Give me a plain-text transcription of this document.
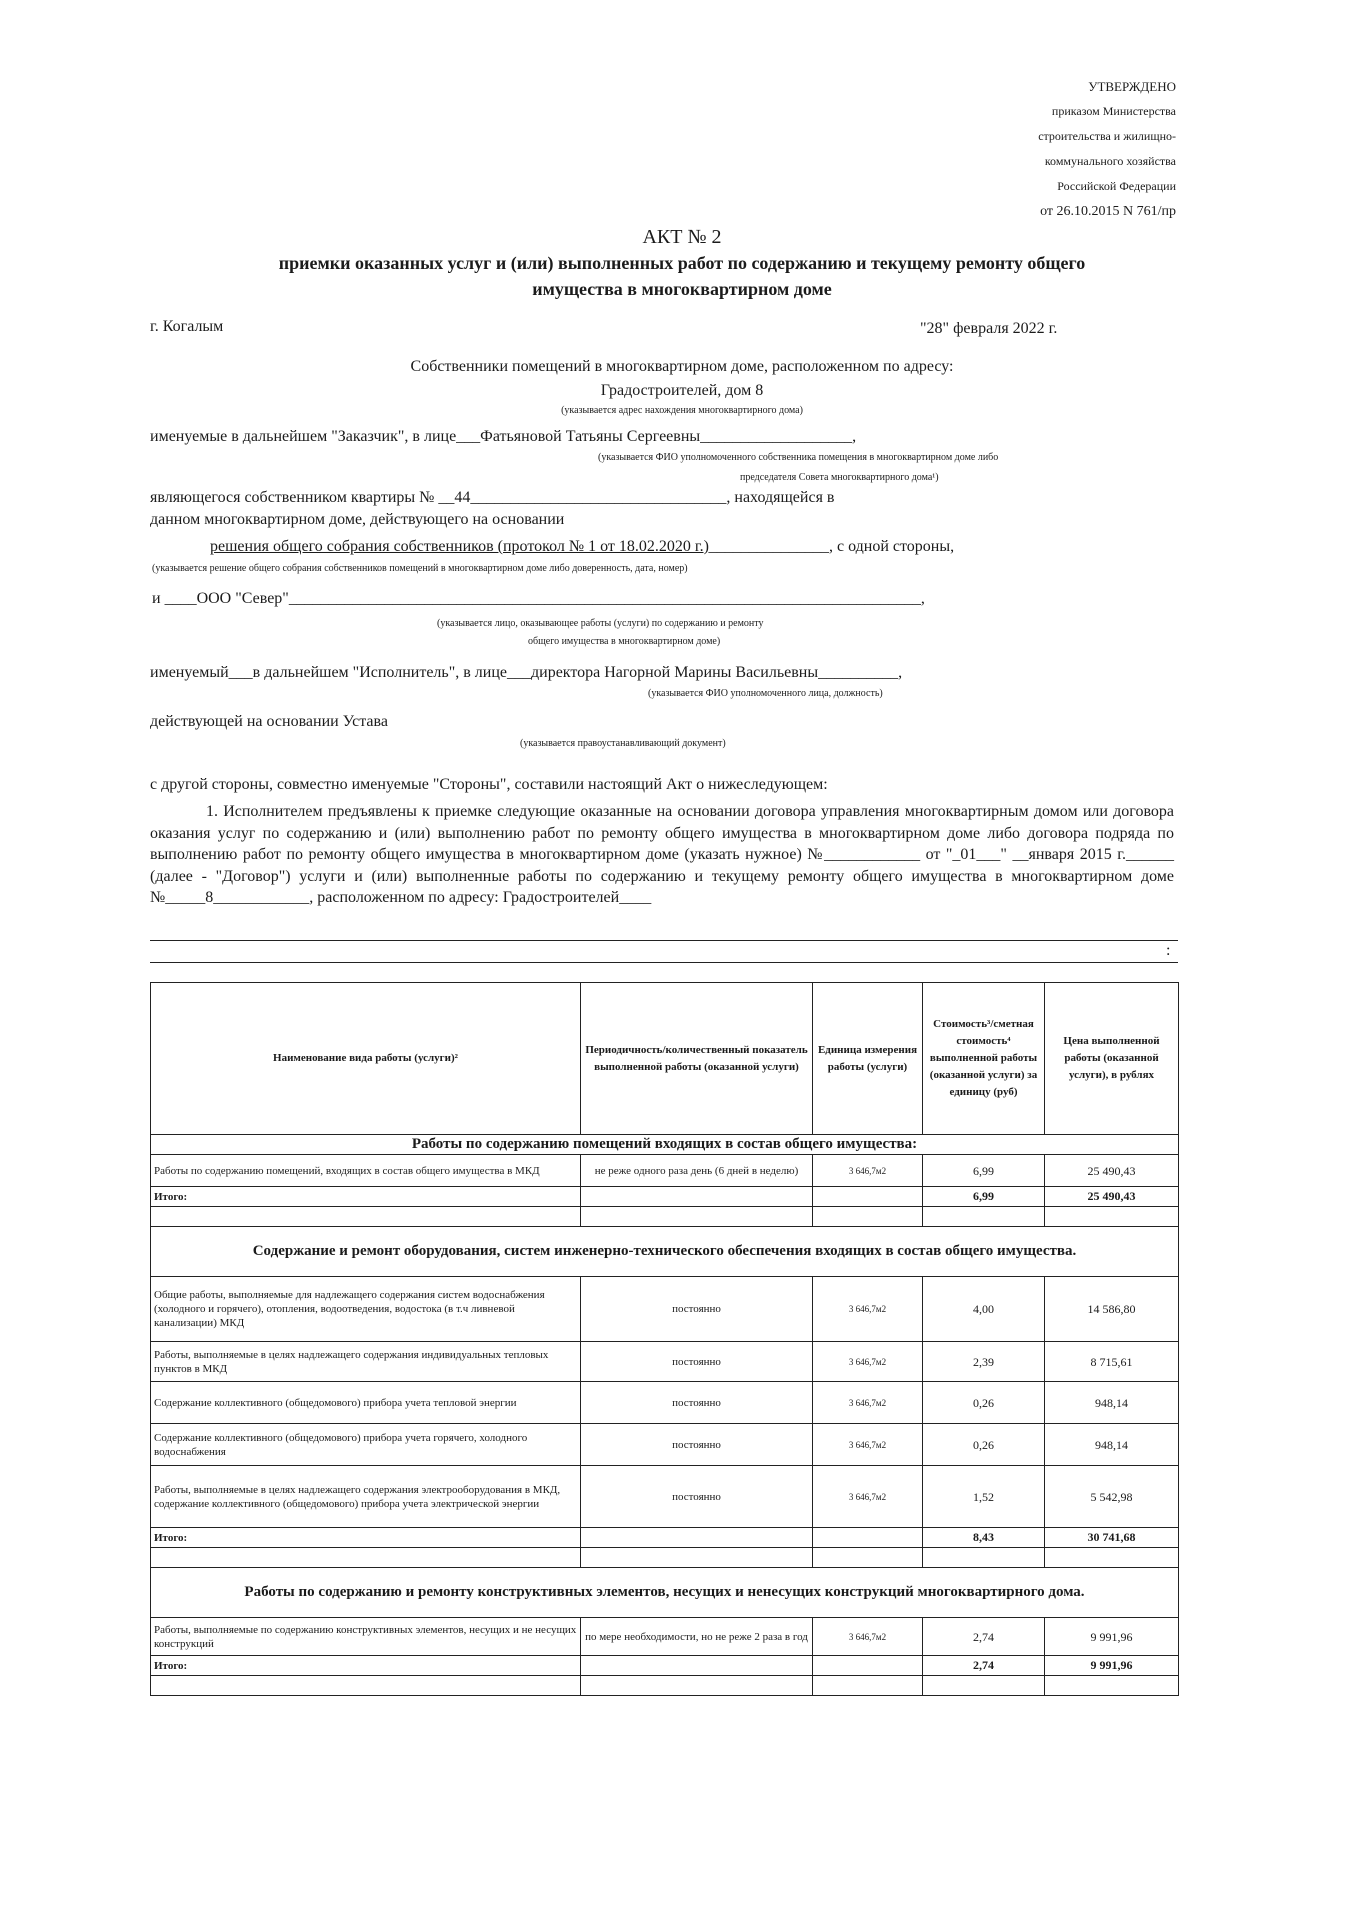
УТВЕРЖДЕНО
приказом Министерства
строительства и жилищно-
коммунального хозяйства
Российской Федерации
от 26.10.2015 N 761/пр
АКТ № 2
приемки оказанных услуг и (или) выполненных работ по содержанию и текущему ремонту общего
имущества в многоквартирном доме
г. Когалым	"28" февраля 2022 г.
Собственники помещений в многоквартирном доме, расположенном по адресу:
Градостроителей, дом 8
(указывается адрес нахождения многоквартирного дома)
именуемые в дальнейшем "Заказчик", в лице___Фатьяновой Татьяны Сергеевны___________________,
(указывается ФИО уполномоченного собственника помещения в многоквартирном доме либо
председателя Совета многоквартирного дома¹)
являющегося собственником квартиры № __44________________________________, находящейся в
данном многоквартирном доме, действующего на основании
решения общего собрания собственников (протокол № 1 от 18.02.2020 г.)_______________, с одной стороны,
(указывается решение общего собрания собственников помещений в многоквартирном доме либо доверенность, дата, номер)
и ____ООО "Север"_______________________________________________________________________________,
(указывается лицо, оказывающее работы (услуги) по содержанию и ремонту
общего имущества в многоквартирном доме)
именуемый___в дальнейшем "Исполнитель", в лице___директора Нагорной Марины Васильевны__________,
(указывается ФИО уполномоченного лица, должность)
действующей на основании Устава
(указывается правоустанавливающий документ)
с другой стороны, совместно именуемые "Стороны", составили настоящий Акт о нижеследующем:
1. Исполнителем предъявлены к приемке следующие оказанные на основании договора управления многоквартирным домом или договора оказания услуг по содержанию и (или) выполнению работ по ремонту общего имущества в многоквартирном доме либо договора подряда по выполнению работ по ремонту общего имущества в многоквартирном доме (указать нужное) №____________ от "_01___" __января 2015 г.______ (далее - "Договор") услуги и (или) выполненные работы по содержанию и текущему ремонту общего имущества в многоквартирном доме №_____8____________, расположенном по адресу: Градостроителей____
:
Наименование вида работы (услуги)²	Периодичность/количественный показатель выполненной работы (оказанной услуги)	Единица измерения работы (услуги)	Стоимость³/сметная стоимость⁴ выполненной работы (оказанной услуги) за единицу (руб)	Цена выполненной работы (оказанной услуги), в рублях
Работы по содержанию помещений входящих в состав общего имущества:				
Работы по содержанию помещений, входящих в состав общего имущества в МКД	не реже одного раза день (6 дней в неделю)	3 646,7м2	6,99	25 490,43
Итого:			6,99	25 490,43

Содержание и ремонт оборудования, систем инженерно-технического обеспечения входящих в состав общего имущества.				
Общие работы, выполняемые для надлежащего содержания систем водоснабжения (холодного и горячего), отопления, водоотведения, водостока (в т.ч ливневой канализации) МКД	постоянно	3 646,7м2	4,00	14 586,80
Работы, выполняемые в целях надлежащего содержания индивидуальных тепловых пунктов в МКД	постоянно	3 646,7м2	2,39	8 715,61
Содержание коллективного (общедомового) прибора учета тепловой энергии	постоянно	3 646,7м2	0,26	948,14
Содержание коллективного (общедомового) прибора учета горячего, холодного водоснабжения	постоянно	3 646,7м2	0,26	948,14
Работы, выполняемые в целях надлежащего содержания электрооборудования в МКД, содержание коллективного (общедомового) прибора учета электрической энергии	постоянно	3 646,7м2	1,52	5 542,98
Итого:			8,43	30 741,68

Работы по содержанию и ремонту конструктивных элементов, несущих и ненесущих конструкций многоквартирного дома.				
Работы, выполняемые по содержанию конструктивных элементов, несущих и не несущих конструкций	по мере необходимости, но не реже 2 раза в год	3 646,7м2	2,74	9 991,96
Итого:			2,74	9 991,96
